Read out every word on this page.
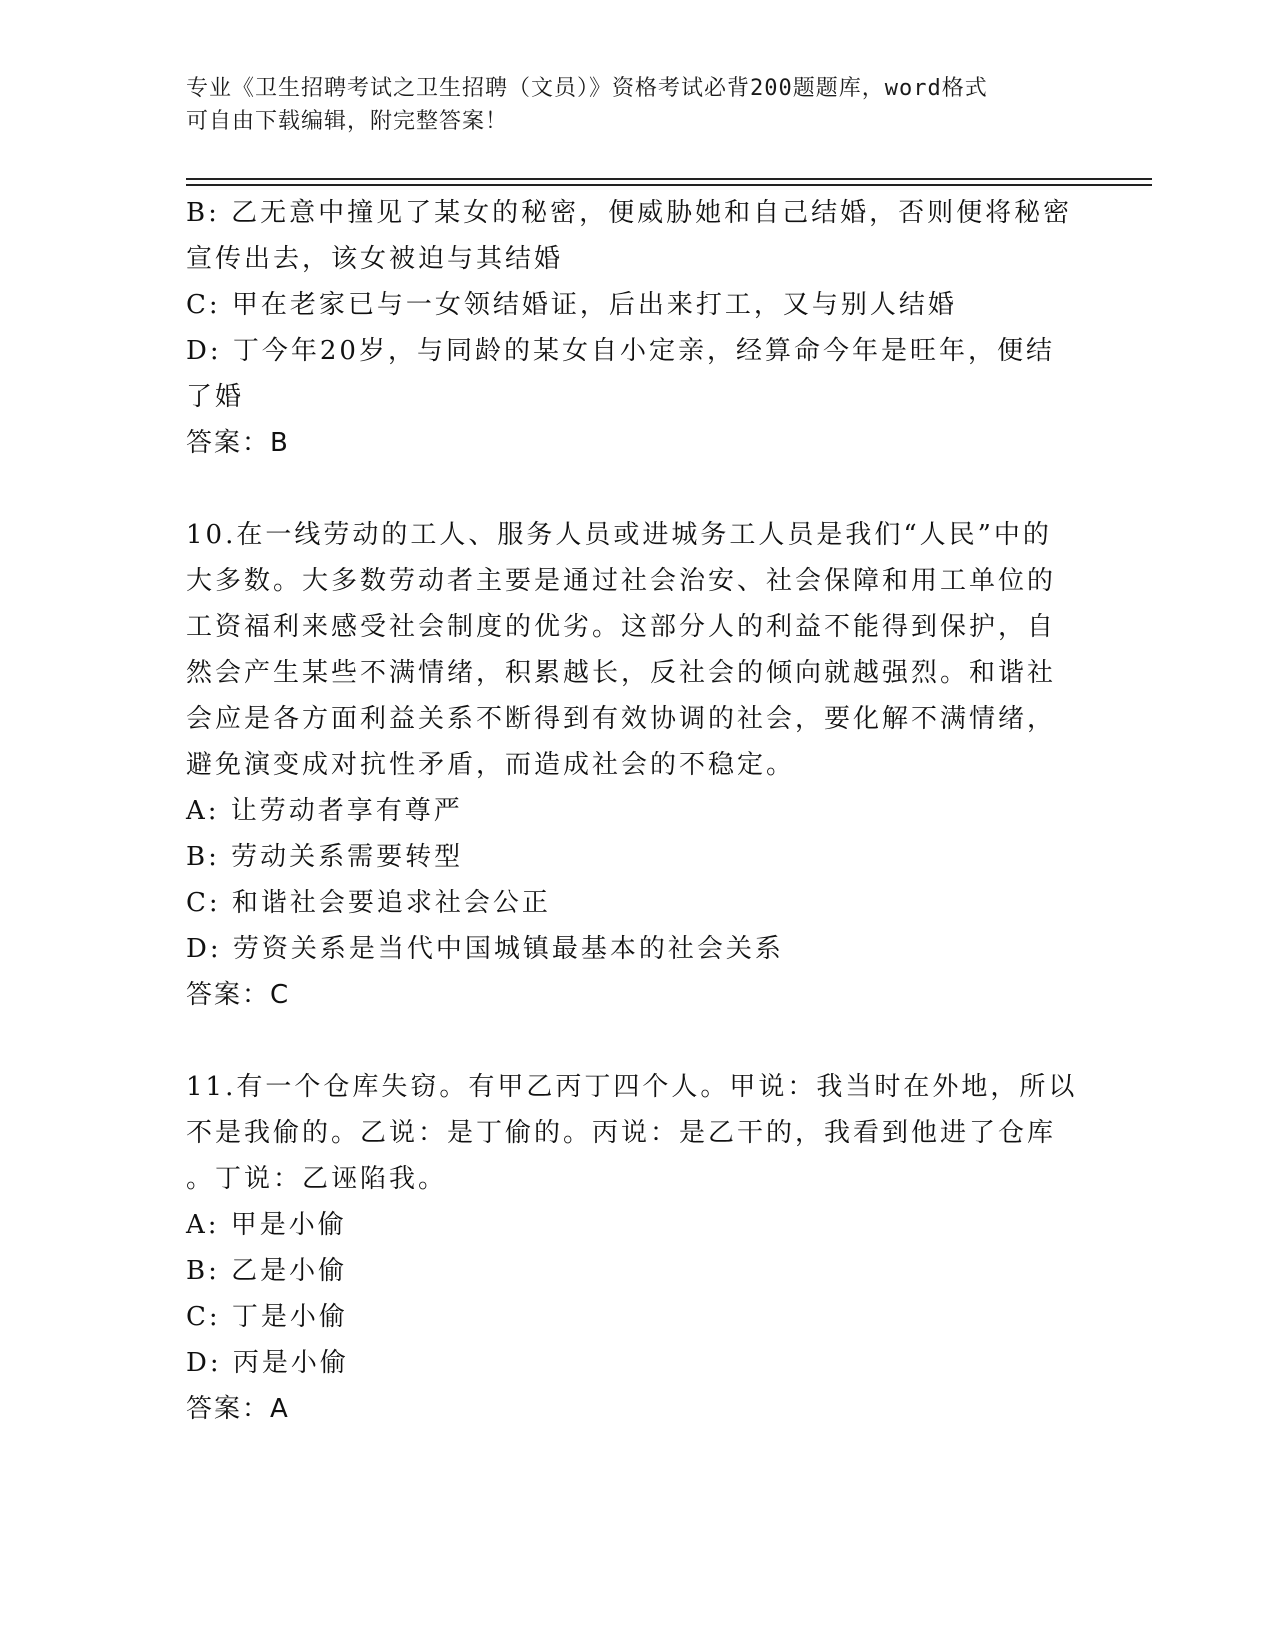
专业《卫生招聘考试之卫生招聘（文员）》资格考试必背200题题库，word格式
可自由下载编辑，附完整答案！
B: 乙无意中撞见了某女的秘密，便威胁她和自己结婚，否则便将秘密
宣传出去，该女被迫与其结婚
C: 甲在老家已与一女领结婚证，后出来打工，又与别人结婚
D: 丁今年20岁，与同龄的某女自小定亲，经算命今年是旺年，便结
了婚
答案：B
10.在一线劳动的工人、服务人员或进城务工人员是我们“人民”中的
大多数。大多数劳动者主要是通过社会治安、社会保障和用工单位的
工资福利来感受社会制度的优劣。这部分人的利益不能得到保护，自
然会产生某些不满情绪，积累越长，反社会的倾向就越强烈。和谐社
会应是各方面利益关系不断得到有效协调的社会，要化解不满情绪，
避免演变成对抗性矛盾，而造成社会的不稳定。
A: 让劳动者享有尊严
B: 劳动关系需要转型
C: 和谐社会要追求社会公正
D: 劳资关系是当代中国城镇最基本的社会关系
答案：C
11.有一个仓库失窃。有甲乙丙丁四个人。甲说：我当时在外地，所以
不是我偷的。乙说：是丁偷的。丙说：是乙干的，我看到他进了仓库
。丁说：乙诬陷我。
A: 甲是小偷
B: 乙是小偷
C: 丁是小偷
D: 丙是小偷
答案：A
